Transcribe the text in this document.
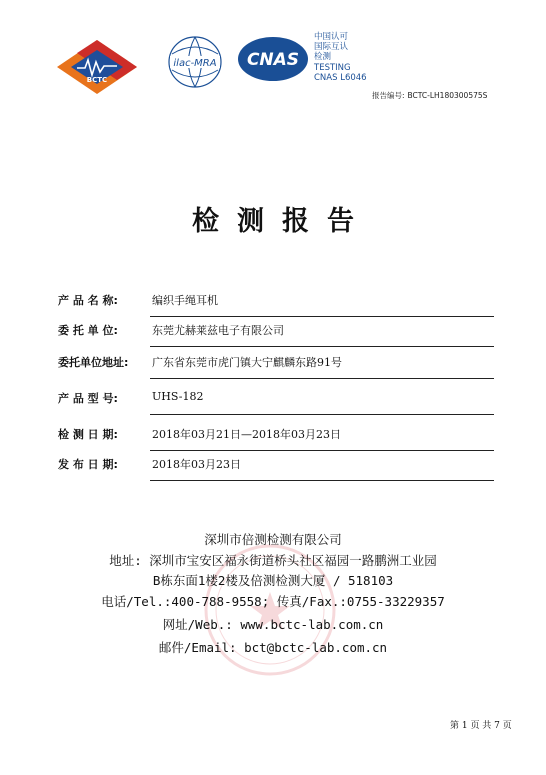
BCTC
ilac-MRA CNAS
中国认可
国际互认
检测
TESTING
CNAS L6046
报告编号: BCTC-LH180300575S
检测报告
产 品 名 称:	编织手绳耳机
委 托 单 位:	东莞尤赫莱兹电子有限公司
委托单位地址:	广东省东莞市虎门镇大宁麒麟东路91号
产 品 型 号:	UHS-182
检 测 日 期:	2018年03月21日—2018年03月23日
发 布 日 期:	2018年03月23日
深圳市倍测检测有限公司
地址: 深圳市宝安区福永街道桥头社区福园一路鹏洲工业园
B栋东面1楼2楼及倍测检测大厦 / 518103
电话/Tel.:400-788-9558; 传真/Fax.:0755-33229357
网址/Web.: www.bctc-lab.com.cn
邮件/Email: bct@bctc-lab.com.cn
第 1 页 共 7 页
